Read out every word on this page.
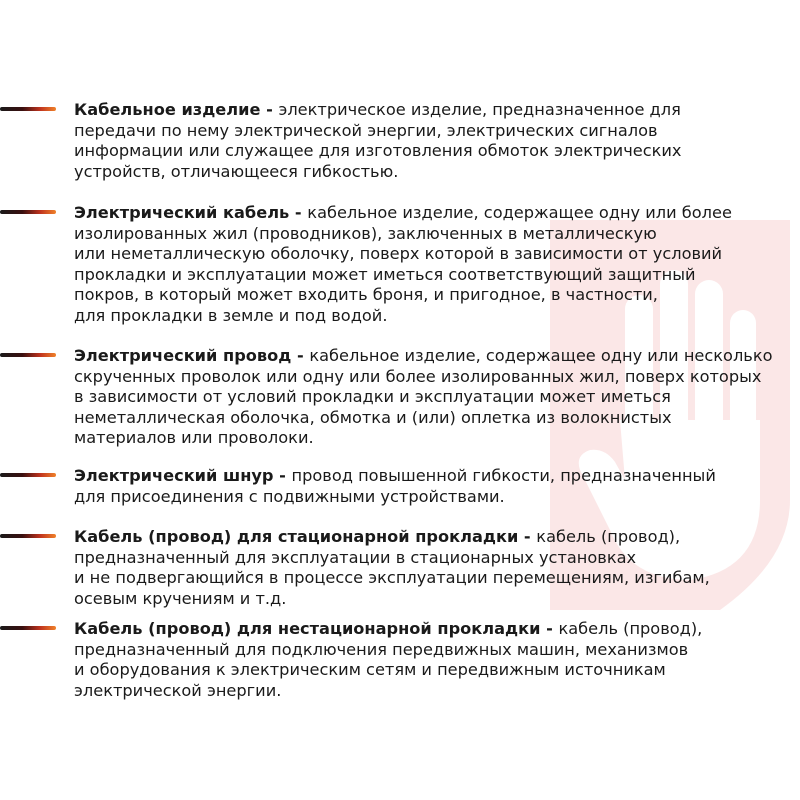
Кабельное изделие - электрическое изделие, предназначенное для
передачи по нему электрической энергии, электрических сигналов
информации или служащее для изготовления обмоток электрических
устройств, отличающееся гибкостью.
Электрический кабель - кабельное изделие, содержащее одну или более
изолированных жил (проводников), заключенных в металлическую
или неметаллическую оболочку, поверх которой в зависимости от условий
прокладки и эксплуатации может иметься соответствующий защитный
покров, в который может входить броня, и пригодное, в частности,
для прокладки в земле и под водой.
Электрический провод - кабельное изделие, содержащее одну или несколько
скрученных проволок или одну или более изолированных жил, поверх которых
в зависимости от условий прокладки и эксплуатации может иметься
неметаллическая оболочка, обмотка и (или) оплетка из волокнистых
материалов или проволоки.
Электрический шнур - провод повышенной гибкости, предназначенный
для присоединения с подвижными устройствами.
Кабель (провод) для стационарной прокладки - кабель (провод),
предназначенный для эксплуатации в стационарных установках
и не подвергающийся в процессе эксплуатации перемещениям, изгибам,
осевым кручениям и т.д.
Кабель (провод) для нестационарной прокладки - кабель (провод),
предназначенный для подключения передвижных машин, механизмов
и оборудования к электрическим сетям и передвижным источникам
электрической энергии.
